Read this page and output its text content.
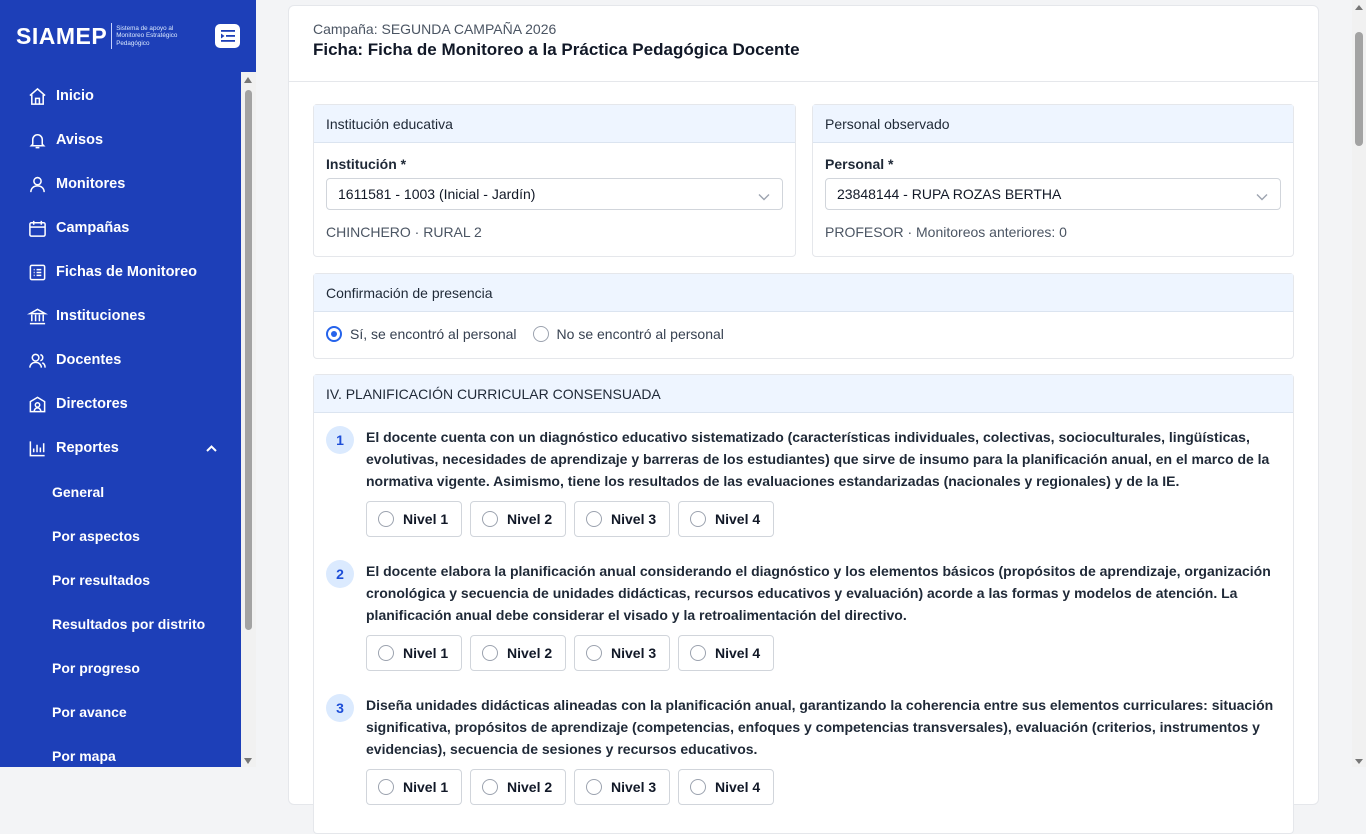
SIAMEP Sistema de apoyo al Monitoreo Estratégico Pedagógico
Inicio
Avisos
Monitores
Campañas
Fichas de Monitoreo
Instituciones
Docentes
Directores
Reportes
General
Por aspectos
Por resultados
Resultados por distrito
Por progreso
Por avance
Por mapa
Campaña: SEGUNDA CAMPAÑA 2026
Ficha: Ficha de Monitoreo a la Práctica Pedagógica Docente
Institución educativa
Institución *
1611581 - 1003 (Inicial - Jardín)
CHINCHERO · RURAL 2
Personal observado
Personal *
23848144 - RUPA ROZAS BERTHA
PROFESOR · Monitoreos anteriores: 0
Confirmación de presencia
Sí, se encontró al personal	No se encontró al personal
IV. PLANIFICACIÓN CURRICULAR CONSENSUADA
1	El docente cuenta con un diagnóstico educativo sistematizado (características individuales, colectivas, socioculturales, lingüísticas, evolutivas, necesidades de aprendizaje y barreras de los estudiantes) que sirve de insumo para la planificación anual, en el marco de la normativa vigente. Asimismo, tiene los resultados de las evaluaciones estandarizadas (nacionales y regionales) y de la IE.
Nivel 1	Nivel 2	Nivel 3	Nivel 4
2	El docente elabora la planificación anual considerando el diagnóstico y los elementos básicos (propósitos de aprendizaje, organización cronológica y secuencia de unidades didácticas, recursos educativos y evaluación) acorde a las formas y modelos de atención. La planificación anual debe considerar el visado y la retroalimentación del directivo.
Nivel 1	Nivel 2	Nivel 3	Nivel 4
3	Diseña unidades didácticas alineadas con la planificación anual, garantizando la coherencia entre sus elementos curriculares: situación significativa, propósitos de aprendizaje (competencias, enfoques y competencias transversales), evaluación (criterios, instrumentos y evidencias), secuencia de sesiones y recursos educativos.
Nivel 1	Nivel 2	Nivel 3	Nivel 4
